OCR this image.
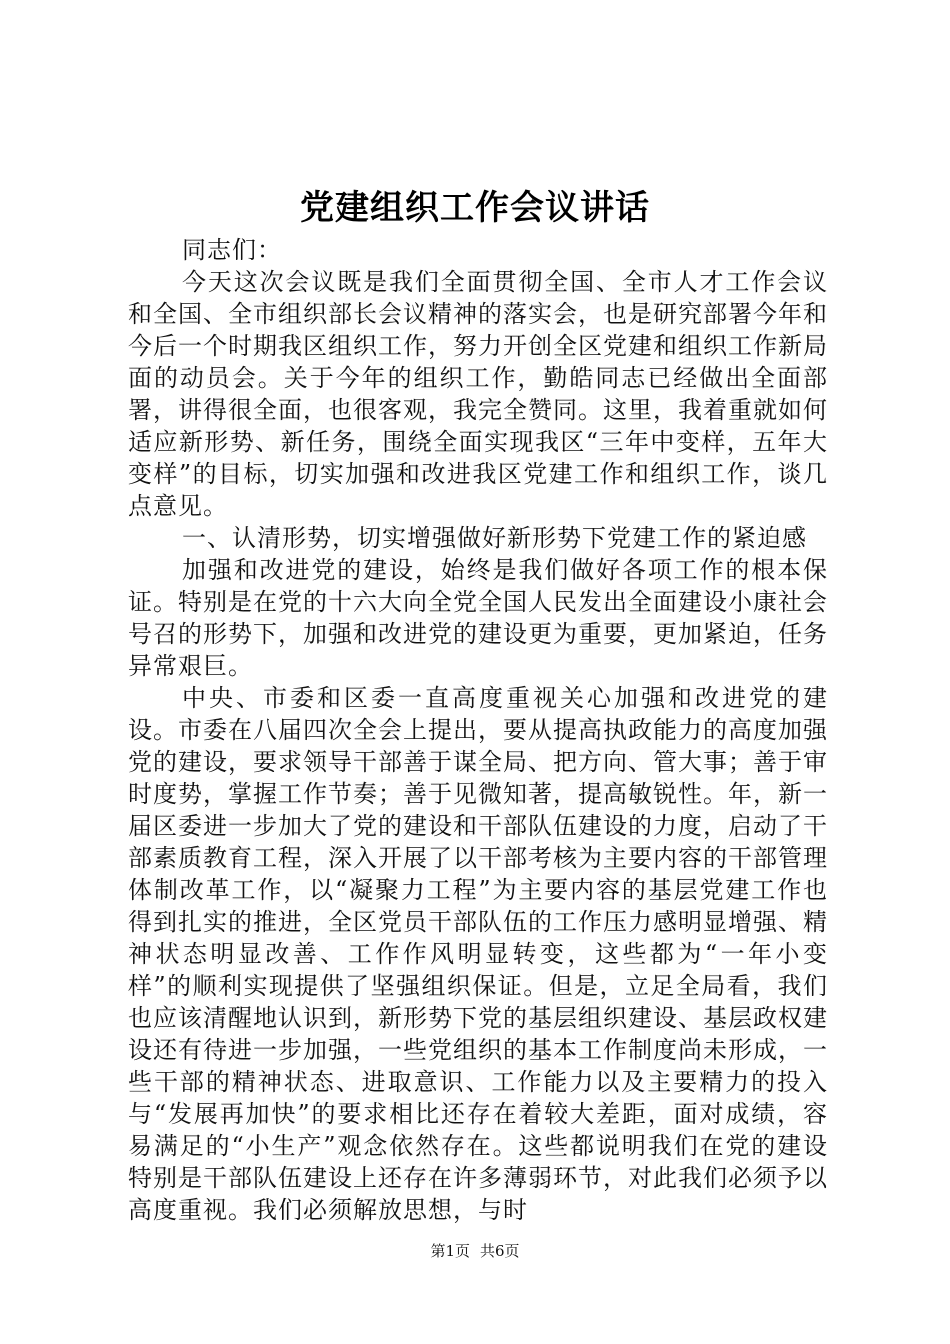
党建组织工作会议讲话

同志们：

今天这次会议既是我们全面贯彻全国、全市人才工作会议和全国、全市组织部长会议精神的落实会，也是研究部署今年和今后一个时期我区组织工作，努力开创全区党建和组织工作新局面的动员会。关于今年的组织工作，勤皓同志已经做出全面部署，讲得很全面，也很客观，我完全赞同。这里，我着重就如何适应新形势、新任务，围绕全面实现我区“三年中变样，五年大变样”的目标，切实加强和改进我区党建工作和组织工作，谈几点意见。

一、认清形势，切实增强做好新形势下党建工作的紧迫感

加强和改进党的建设，始终是我们做好各项工作的根本保证。特别是在党的十六大向全党全国人民发出全面建设小康社会号召的形势下，加强和改进党的建设更为重要，更加紧迫，任务异常艰巨。

中央、市委和区委一直高度重视关心加强和改进党的建设。市委在八届四次全会上提出，要从提高执政能力的高度加强党的建设，要求领导干部善于谋全局、把方向、管大事；善于审时度势，掌握工作节奏；善于见微知著，提高敏锐性。年，新一届区委进一步加大了党的建设和干部队伍建设的力度，启动了干部素质教育工程，深入开展了以干部考核为主要内容的干部管理体制改革工作，以“凝聚力工程”为主要内容的基层党建工作也得到扎实的推进，全区党员干部队伍的工作压力感明显增强、精神状态明显改善、工作作风明显转变，这些都为“一年小变样”的顺利实现提供了坚强组织保证。但是，立足全局看，我们也应该清醒地认识到，新形势下党的基层组织建设、基层政权建设还有待进一步加强，一些党组织的基本工作制度尚未形成，一些干部的精神状态、进取意识、工作能力以及主要精力的投入与“发展再加快”的要求相比还存在着较大差距，面对成绩，容易满足的“小生产”观念依然存在。这些都说明我们在党的建设特别是干部队伍建设上还存在许多薄弱环节，对此我们必须予以高度重视。我们必须解放思想，与时

第1页 共6页
